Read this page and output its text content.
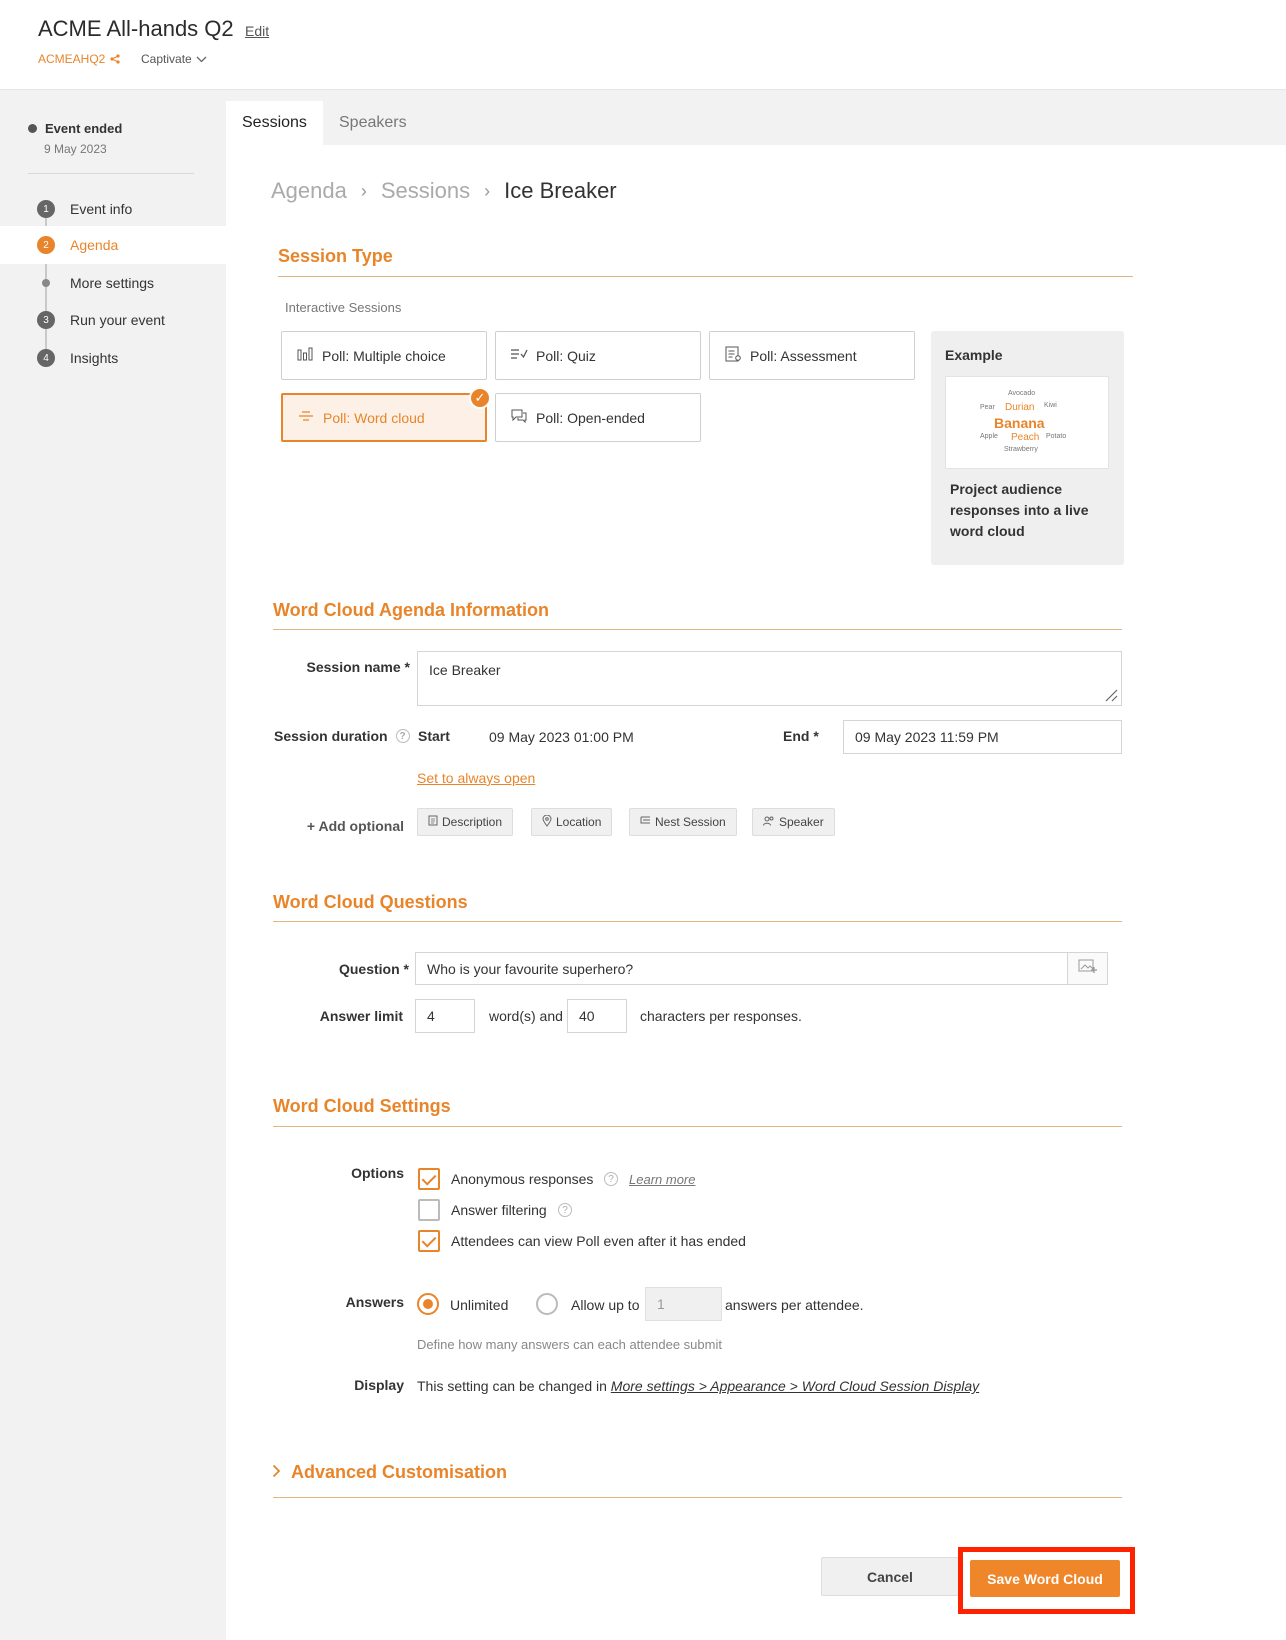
ACME All-hands Q2 Edit
ACMEAHQ2	Captivate
Event ended
9 May 2023
1	Event info
2	Agenda
More settings
3	Run your event
4	Insights
Sessions	Speakers
Agenda › Sessions › Ice Breaker
Session Type
Interactive Sessions
Poll: Multiple choice	Poll: Quiz	Poll: Assessment
Poll: Word cloud
✓
Poll: Open-ended
Example
Avocado
Pear Durian Kiwi
Banana
Apple Peach Potato
Strawberry
Project audience responses into a live word cloud
Word Cloud Agenda Information
Session name * Ice Breaker
Session duration	? Start	09 May 2023 01:00 PM	End *	09 May 2023 11:59 PM
Set to always open
+ Add optional	Description	Location	Nest Session	Speaker
Word Cloud Questions
Question * Who is your favourite superhero?
Answer limit 4	word(s) and 40	characters per responses.
Word Cloud Settings
Options	Anonymous responses	?	Learn more
Answer filtering	?
Attendees can view Poll even after it has ended
Answers	Unlimited	Allow up to 1	answers per attendee.
Define how many answers can each attendee submit
Display This setting can be changed in More settings > Appearance > Word Cloud Session Display
Advanced Customisation
Cancel	Save Word Cloud
